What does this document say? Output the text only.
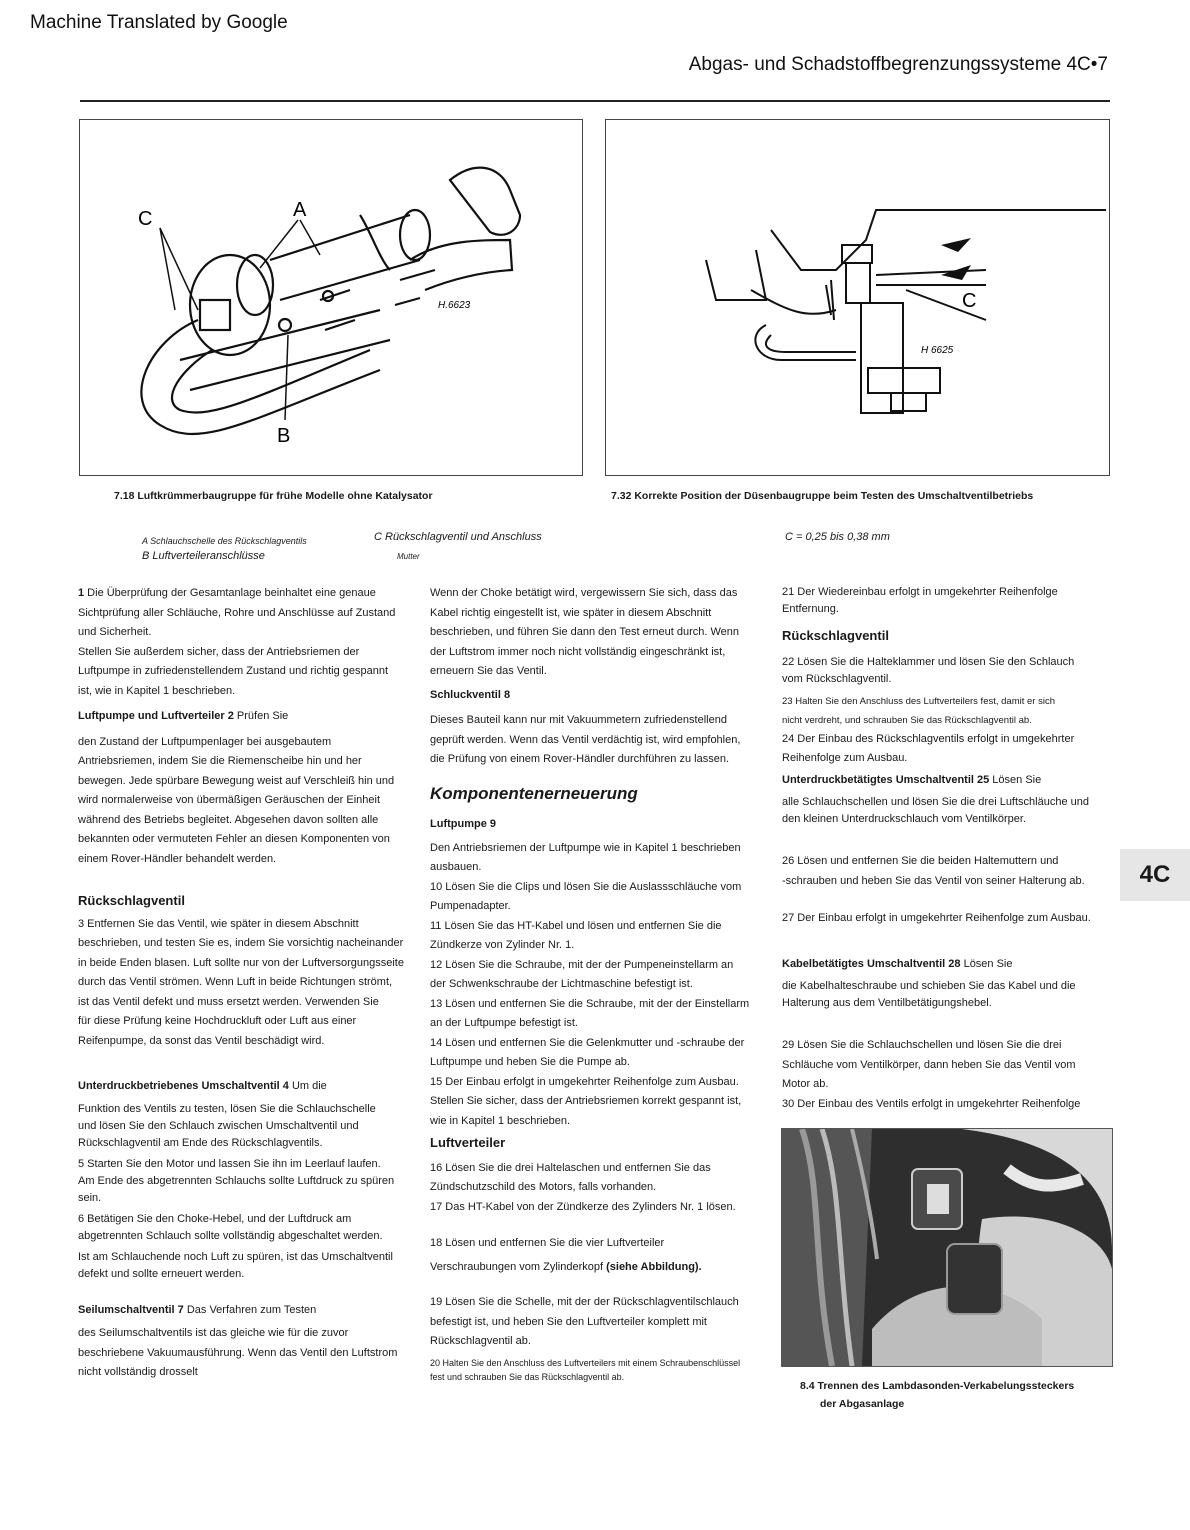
Machine Translated by Google
Abgas- und Schadstoffbegrenzungssysteme 4C•7
C	A
B
H.6623	C
H 6625
7.18 Luftkrümmerbaugruppe für frühe Modelle ohne Katalysator	7.32 Korrekte Position der Düsenbaugruppe beim Testen des Umschaltventilbetriebs
A Schlauchschelle des Rückschlagventils
B Luftverteileranschlüsse
C Rückschlagventil und Anschluss
Mutter
C = 0,25 bis 0,38 mm

1 Die Überprüfung der Gesamtanlage beinhaltet eine genaue

Sichtprüfung aller Schläuche, Rohre und Anschlüsse auf Zustand

und Sicherheit.

Stellen Sie außerdem sicher, dass der Antriebsriemen der

Luftpumpe in zufriedenstellendem Zustand und richtig gespannt

ist, wie in Kapitel 1 beschrieben.

Luftpumpe und Luftverteiler 2 Prüfen Sie

den Zustand der Luftpumpenlager bei ausgebautem

Antriebsriemen, indem Sie die Riemenscheibe hin und her

bewegen. Jede spürbare Bewegung weist auf Verschleiß hin und

wird normalerweise von übermäßigen Geräuschen der Einheit

während des Betriebs begleitet. Abgesehen davon sollten alle

bekannten oder vermuteten Fehler an diesen Komponenten von

einem Rover-Händler behandelt werden.

Rückschlagventil

3 Entfernen Sie das Ventil, wie später in diesem Abschnitt

beschrieben, und testen Sie es, indem Sie vorsichtig nacheinander

in beide Enden blasen. Luft sollte nur von der Luftversorgungsseite

durch das Ventil strömen. Wenn Luft in beide Richtungen strömt,

ist das Ventil defekt und muss ersetzt werden. Verwenden Sie

für diese Prüfung keine Hochdruckluft oder Luft aus einer

Reifenpumpe, da sonst das Ventil beschädigt wird.

Unterdruckbetriebenes Umschaltventil 4 Um die

Funktion des Ventils zu testen, lösen Sie die Schlauchschelle

und lösen Sie den Schlauch zwischen Umschaltventil und

Rückschlagventil am Ende des Rückschlagventils.

5 Starten Sie den Motor und lassen Sie ihn im Leerlauf laufen.

Am Ende des abgetrennten Schlauchs sollte Luftdruck zu spüren

sein.

6 Betätigen Sie den Choke-Hebel, und der Luftdruck am

abgetrennten Schlauch sollte vollständig abgeschaltet werden.

Ist am Schlauchende noch Luft zu spüren, ist das Umschaltventil

defekt und sollte erneuert werden.

Seilumschaltventil 7 Das Verfahren zum Testen

des Seilumschaltventils ist das gleiche wie für die zuvor

beschriebene Vakuumausführung. Wenn das Ventil den Luftstrom

nicht vollständig drosselt

Wenn der Choke betätigt wird, vergewissern Sie sich, dass das

Kabel richtig eingestellt ist, wie später in diesem Abschnitt

beschrieben, und führen Sie dann den Test erneut durch. Wenn

der Luftstrom immer noch nicht vollständig eingeschränkt ist,

erneuern Sie das Ventil.

Schluckventil 8

Dieses Bauteil kann nur mit Vakuummetern zufriedenstellend

geprüft werden. Wenn das Ventil verdächtig ist, wird empfohlen,

die Prüfung von einem Rover-Händler durchführen zu lassen.

Komponentenerneuerung

Luftpumpe 9

Den Antriebsriemen der Luftpumpe wie in Kapitel 1 beschrieben

ausbauen.

10 Lösen Sie die Clips und lösen Sie die Auslassschläuche vom

Pumpenadapter.

11 Lösen Sie das HT-Kabel und lösen und entfernen Sie die

Zündkerze von Zylinder Nr. 1.

12 Lösen Sie die Schraube, mit der der Pumpeneinstellarm an

der Schwenkschraube der Lichtmaschine befestigt ist.

13 Lösen und entfernen Sie die Schraube, mit der der Einstellarm

an der Luftpumpe befestigt ist.

14 Lösen und entfernen Sie die Gelenkmutter und -schraube der

Luftpumpe und heben Sie die Pumpe ab.

15 Der Einbau erfolgt in umgekehrter Reihenfolge zum Ausbau.

Stellen Sie sicher, dass der Antriebsriemen korrekt gespannt ist,

wie in Kapitel 1 beschrieben.

Luftverteiler

16 Lösen Sie die drei Haltelaschen und entfernen Sie das

Zündschutzschild des Motors, falls vorhanden.

17 Das HT-Kabel von der Zündkerze des Zylinders Nr. 1 lösen.

18 Lösen und entfernen Sie die vier Luftverteiler

Verschraubungen vom Zylinderkopf (siehe Abbildung).

19 Lösen Sie die Schelle, mit der der Rückschlagventilschlauch

befestigt ist, und heben Sie den Luftverteiler komplett mit

Rückschlagventil ab.

20 Halten Sie den Anschluss des Luftverteilers mit einem Schraubenschlüssel

fest und schrauben Sie das Rückschlagventil ab.

21 Der Wiedereinbau erfolgt in umgekehrter Reihenfolge

Entfernung.

Rückschlagventil

22 Lösen Sie die Halteklammer und lösen Sie den Schlauch

vom Rückschlagventil.

23 Halten Sie den Anschluss des Luftverteilers fest, damit er sich

nicht verdreht, und schrauben Sie das Rückschlagventil ab.

24 Der Einbau des Rückschlagventils erfolgt in umgekehrter

Reihenfolge zum Ausbau.

Unterdruckbetätigtes Umschaltventil 25 Lösen Sie

alle Schlauchschellen und lösen Sie die drei Luftschläuche und

den kleinen Unterdruckschlauch vom Ventilkörper.

26 Lösen und entfernen Sie die beiden Haltemuttern und

-schrauben und heben Sie das Ventil von seiner Halterung ab.

27 Der Einbau erfolgt in umgekehrter Reihenfolge zum Ausbau.

Kabelbetätigtes Umschaltventil 28 Lösen Sie

die Kabelhalteschraube und schieben Sie das Kabel und die

Halterung aus dem Ventilbetätigungshebel.

29 Lösen Sie die Schlauchschellen und lösen Sie die drei

Schläuche vom Ventilkörper, dann heben Sie das Ventil vom

Motor ab.

30 Der Einbau des Ventils erfolgt in umgekehrter Reihenfolge

8.4 Trennen des Lambdasonden-Verkabelungssteckers
der Abgasanlage
4C
